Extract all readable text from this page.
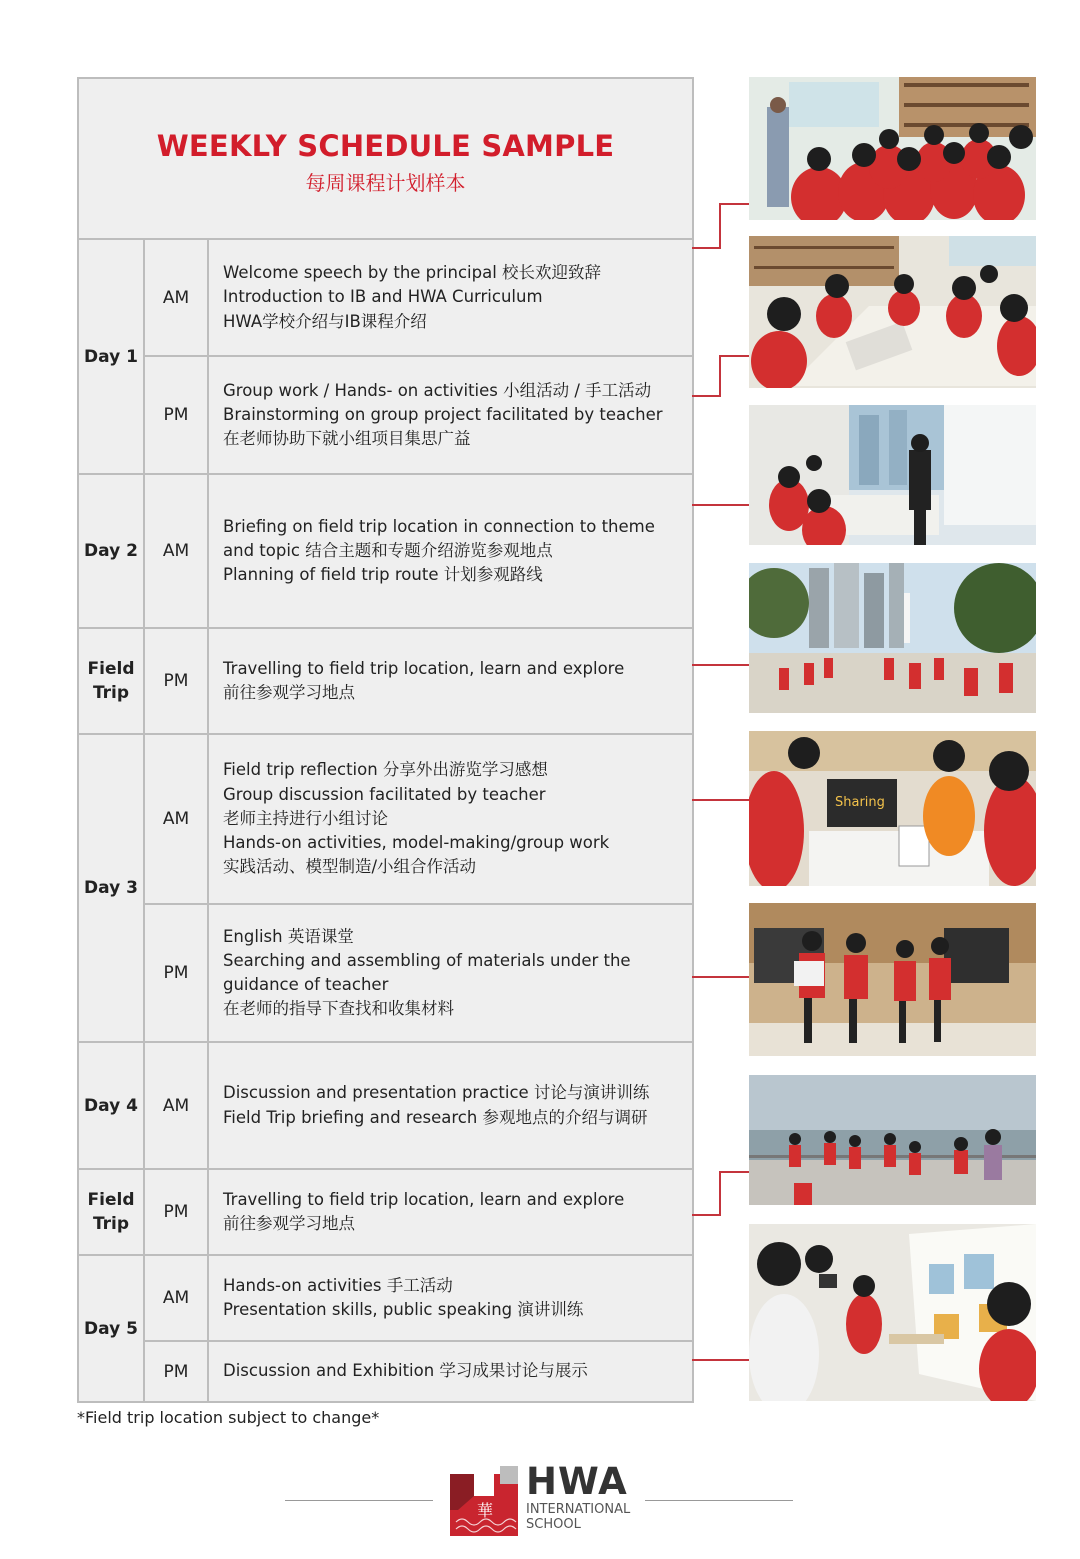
WEEKLY SCHEDULE SAMPLE
每周课程计划样本		

Day 1	AM	Welcome speech by the principal 校长欢迎致辞
Introduction to IB and HWA Curriculum
HWA学校介绍与IB课程介绍

	PM	Group work / Hands- on activities 小组活动 / 手工活动
Brainstorming on group project facilitated by teacher
在老师协助下就小组项目集思广益

Day 2	AM	Briefing on field trip location in connection to theme
and topic 结合主题和专题介绍游览参观地点
Planning of field trip route 计划参观路线

Field
Trip	PM	Travelling to field trip location, learn and explore
前往参观学习地点

Day 3	AM	Field trip reflection 分享外出游览学习感想
Group discussion facilitated by teacher
老师主持进行小组讨论
Hands-on activities, model-making/group work
实践活动、模型制造/小组合作活动

	PM	English 英语课堂
Searching and assembling of materials under the
guidance of teacher
在老师的指导下查找和收集材料

Day 4	AM	Discussion and presentation practice 讨论与演讲训练
Field Trip briefing and research 参观地点的介绍与调研

Field
Trip	PM	Travelling to field trip location, learn and explore
前往参观学习地点

Day 5	AM	Hands-on activities 手工活动
Presentation skills, public speaking 演讲训练

	PM	Discussion and Exhibition 学习成果讨论与展示
Sharing
*Field trip location subject to change*
華
HWA
INTERNATIONAL
SCHOOL
